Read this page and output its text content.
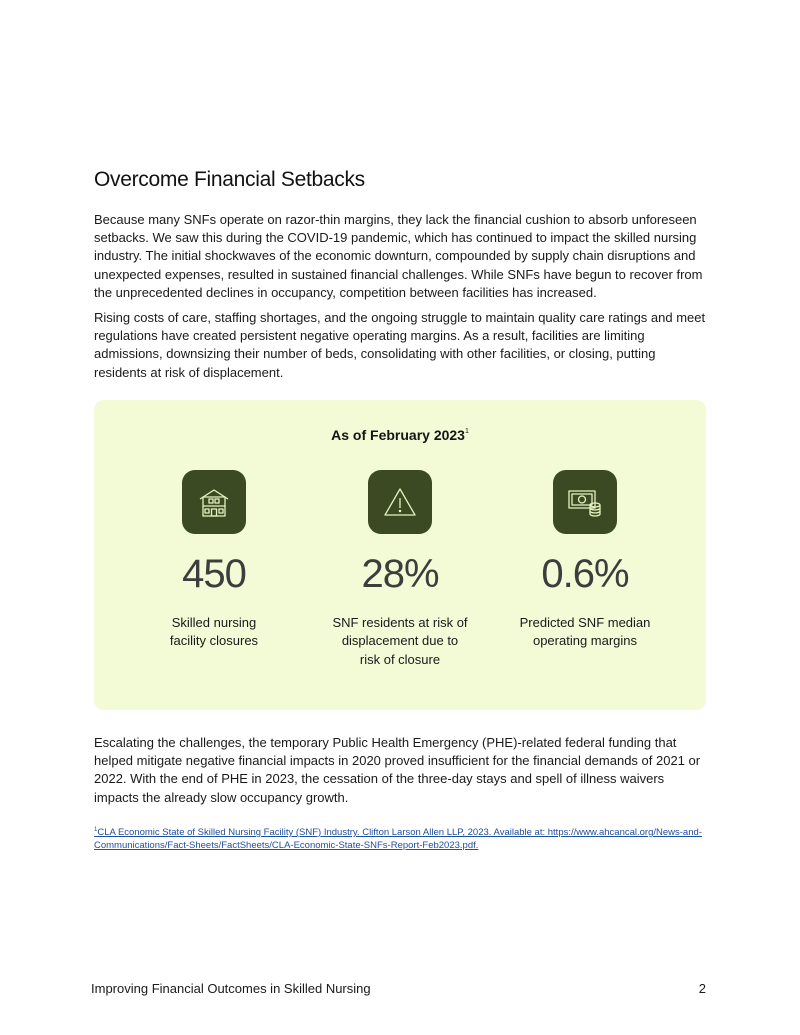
Overcome Financial Setbacks

Because many SNFs operate on razor-thin margins, they lack the financial cushion to absorb unforeseen setbacks. We saw this during the COVID-19 pandemic, which has continued to impact the skilled nursing industry. The initial shockwaves of the economic downturn, compounded by supply chain disruptions and unexpected expenses, resulted in sustained financial challenges. While SNFs have begun to recover from the unprecedented declines in occupancy, competition between facilities has increased.

Rising costs of care, staffing shortages, and the ongoing struggle to maintain quality care ratings and meet regulations have created persistent negative operating margins. As a result, facilities are limiting admissions, downsizing their number of beds, consolidating with other facilities, or closing, putting residents at risk of displacement.

As of February 2023$^1$
450
Skilled nursing facility closures
28%
SNF residents at risk of displacement due to risk of closure
0.6%
Predicted SNF median operating margins

Escalating the challenges, the temporary Public Health Emergency (PHE)-related federal funding that helped mitigate negative financial impacts in 2020 proved insufficient for the financial demands of 2021 or 2022. With the end of PHE in 2023, the cessation of the three-day stays and spell of illness waivers impacts the already slow occupancy growth.

$^1$CLA Economic State of Skilled Nursing Facility (SNF) Industry. Clifton Larson Allen LLP, 2023. Available at: https://www.ahcancal.org/News-and-Communications/Fact-Sheets/FactSheets/CLA-Economic-State-SNFs-Report-Feb2023.pdf.

Improving Financial Outcomes in Skilled Nursing	2
